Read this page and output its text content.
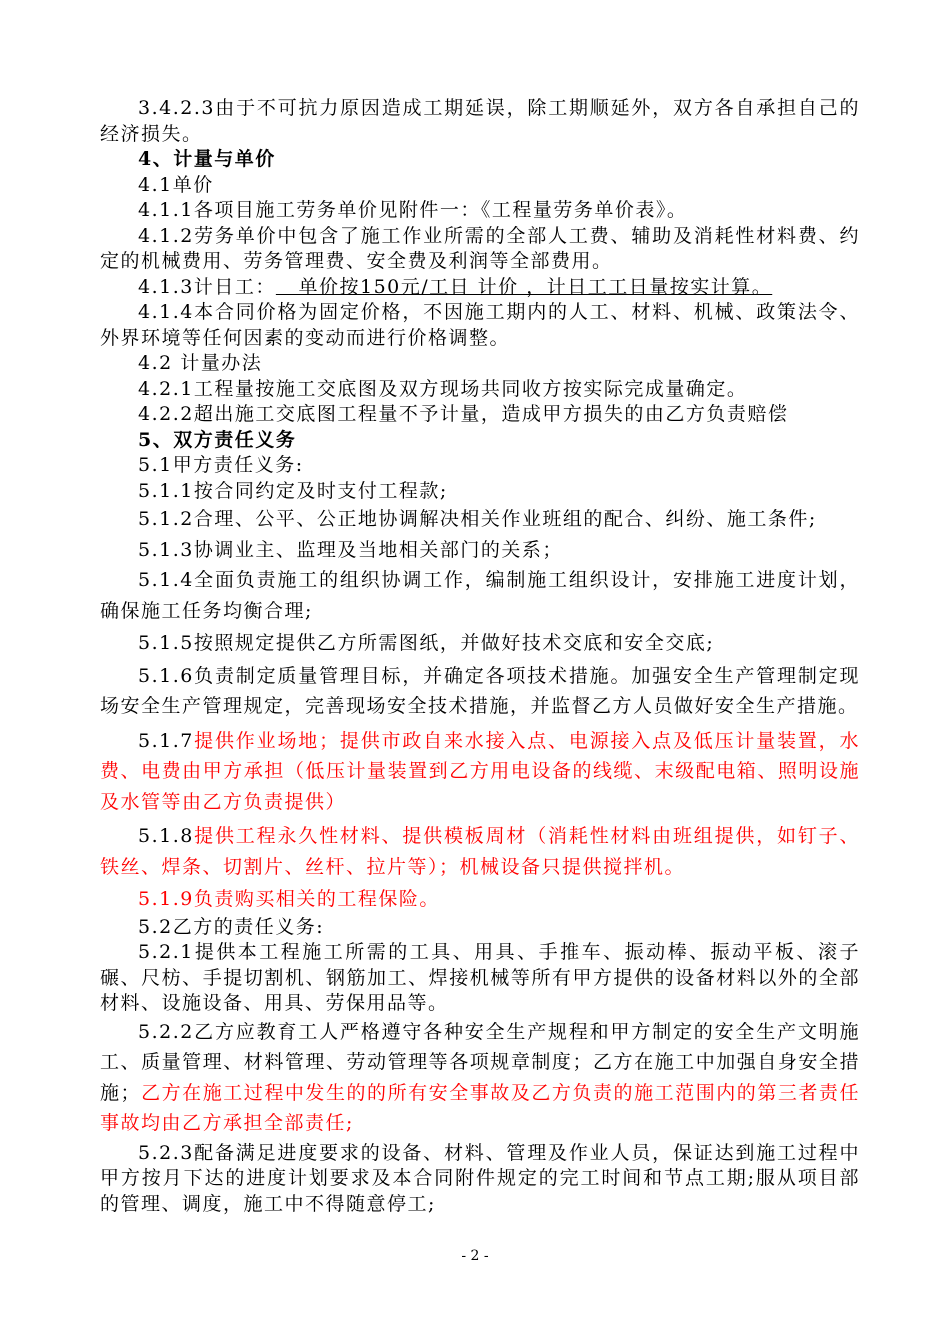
3.4.2.3由于不可抗力原因造成工期延误，除工期顺延外，双方各自承担自己的经济损失。

4、计量与单价

4.1单价

4.1.1各项目施工劳务单价见附件一：《工程量劳务单价表》。

4.1.2劳务单价中包含了施工作业所需的全部人工费、辅助及消耗性材料费、约定的机械费用、劳务管理费、安全费及利润等全部费用。

4.1.3计日工：   单价按150元/工日 计价 ，计日工工日量按实计算。

4.1.4本合同价格为固定价格，不因施工期内的人工、材料、机械、政策法令、外界环境等任何因素的变动而进行价格调整。

4.2 计量办法

4.2.1工程量按施工交底图及双方现场共同收方按实际完成量确定。

4.2.2超出施工交底图工程量不予计量，造成甲方损失的由乙方负责赔偿

5、双方责任义务

5.1甲方责任义务:

5.1.1按合同约定及时支付工程款;

5.1.2合理、公平、公正地协调解决相关作业班组的配合、纠纷、施工条件;

5.1.3协调业主、监理及当地相关部门的关系；

5.1.4全面负责施工的组织协调工作，编制施工组织设计，安排施工进度计划，确保施工任务均衡合理;

5.1.5按照规定提供乙方所需图纸，并做好技术交底和安全交底;

5.1.6负责制定质量管理目标，并确定各项技术措施。加强安全生产管理制定现场安全生产管理规定，完善现场安全技术措施，并监督乙方人员做好安全生产措施。

5.1.7提供作业场地；提供市政自来水接入点、电源接入点及低压计量装置，水费、电费由甲方承担（低压计量装置到乙方用电设备的线缆、末级配电箱、照明设施及水管等由乙方负责提供）

5.1.8提供工程永久性材料、提供模板周材（消耗性材料由班组提供，如钉子、铁丝、焊条、切割片、丝杆、拉片等）；机械设备只提供搅拌机。

5.1.9负责购买相关的工程保险。

5.2乙方的责任义务:

5.2.1提供本工程施工所需的工具、用具、手推车、振动棒、振动平板、滚子碾、尺枋、手提切割机、钢筋加工、焊接机械等所有甲方提供的设备材料以外的全部材料、设施设备、用具、劳保用品等。

5.2.2乙方应教育工人严格遵守各种安全生产规程和甲方制定的安全生产文明施工、质量管理、材料管理、劳动管理等各项规章制度；乙方在施工中加强自身安全措施；乙方在施工过程中发生的的所有安全事故及乙方负责的施工范围内的第三者责任事故均由乙方承担全部责任;

5.2.3配备满足进度要求的设备、材料、管理及作业人员，保证达到施工过程中甲方按月下达的进度计划要求及本合同附件规定的完工时间和节点工期;服从项目部的管理、调度，施工中不得随意停工;

- 2 -
